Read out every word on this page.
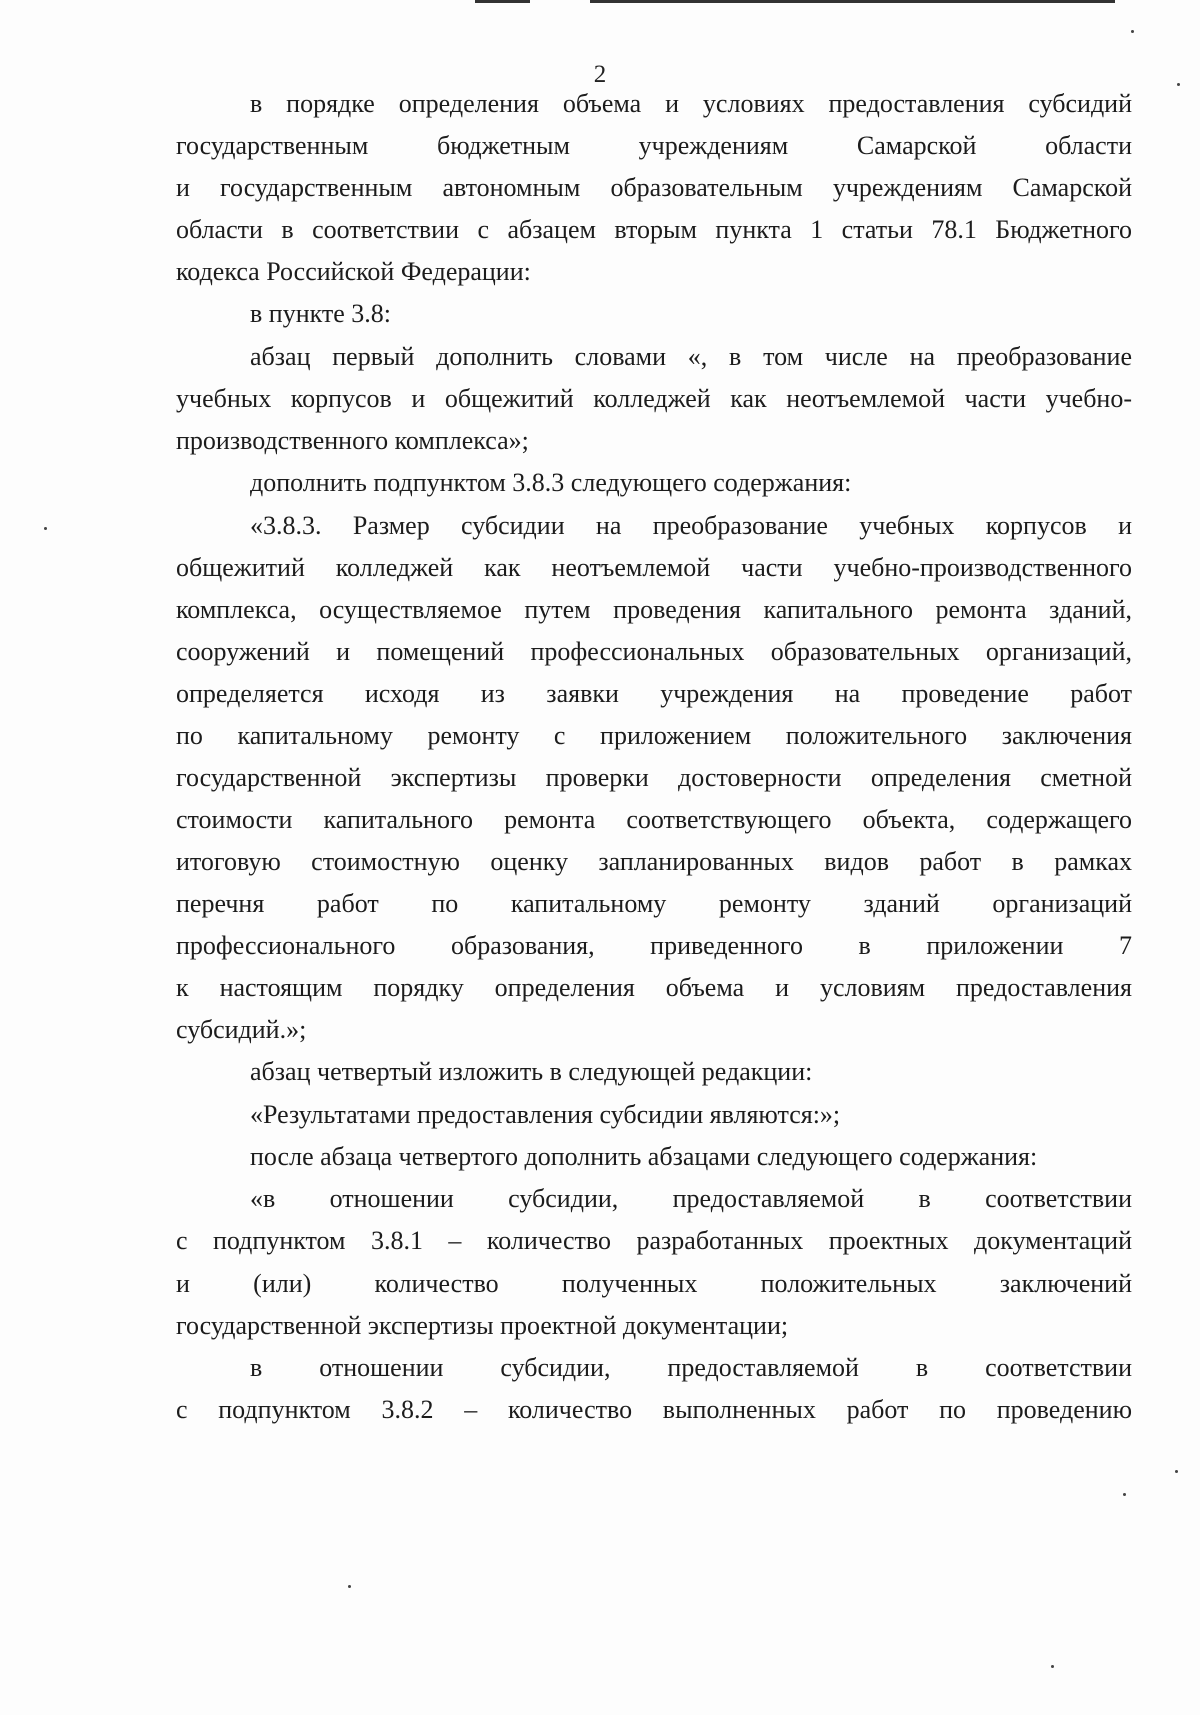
2
в порядке определения объема и условиях предоставления субсидий
государственным бюджетным учреждениям Самарской области
и государственным автономным образовательным учреждениям Самарской
области в соответствии с абзацем вторым пункта 1 статьи 78.1 Бюджетного
кодекса Российской Федерации:
в пункте 3.8:
абзац первый дополнить словами «, в том числе на преобразование
учебных корпусов и общежитий колледжей как неотъемлемой части учебно-
производственного комплекса»;
дополнить подпунктом 3.8.3 следующего содержания:
«3.8.3. Размер субсидии на преобразование учебных корпусов и
общежитий колледжей как неотъемлемой части учебно-производственного
комплекса, осуществляемое путем проведения капитального ремонта зданий,
сооружений и помещений профессиональных образовательных организаций,
определяется исходя из заявки учреждения на проведение работ
по капитальному ремонту с приложением положительного заключения
государственной экспертизы проверки достоверности определения сметной
стоимости капитального ремонта соответствующего объекта, содержащего
итоговую стоимостную оценку запланированных видов работ в рамках
перечня работ по капитальному ремонту зданий организаций
профессионального образования, приведенного в приложении 7
к настоящим порядку определения объема и условиям предоставления
субсидий.»;
абзац четвертый изложить в следующей редакции:
«Результатами предоставления субсидии являются:»;
после абзаца четвертого дополнить абзацами следующего содержания:
«в отношении субсидии, предоставляемой в соответствии
с подпунктом 3.8.1 – количество разработанных проектных документаций
и (или) количество полученных положительных заключений
государственной экспертизы проектной документации;
в отношении субсидии, предоставляемой в соответствии
с подпунктом 3.8.2 – количество выполненных работ по проведению
